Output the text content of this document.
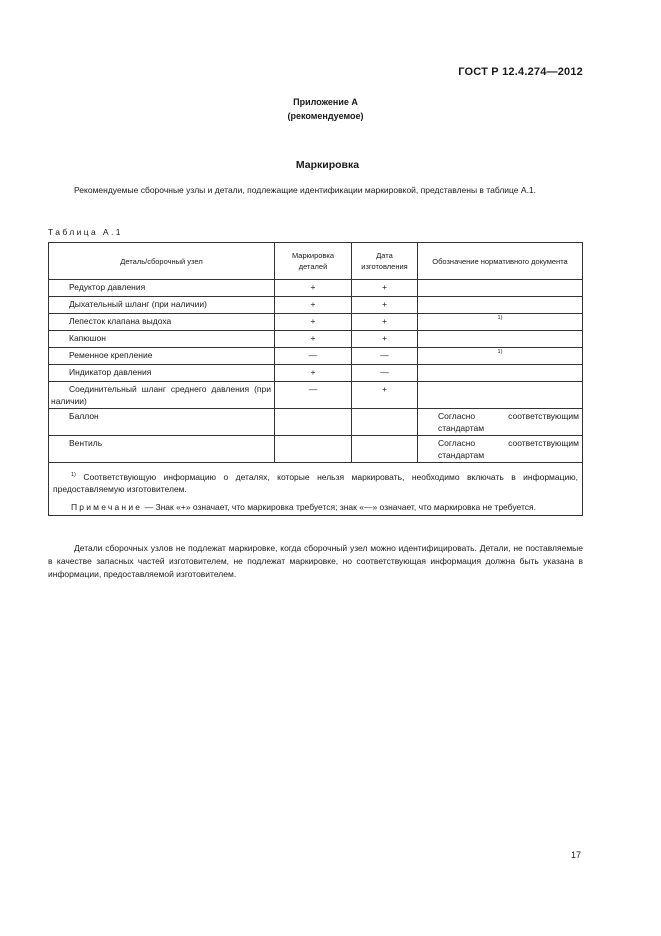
ГОСТ Р 12.4.274—2012
Приложение А
(рекомендуемое)
Маркировка
Рекомендуемые сборочные узлы и детали, подлежащие идентификации маркировкой, представлены в таблице А.1.
Таблица А.1
Деталь/сборочный узел	Маркировка деталей	Дата изготовления	Обозначение нормативного документа
Редуктор давления	+	+	
Дыхательный шланг (при наличии)	+	+	
Лепесток клапана выдоха	+	+	1)

Капюшон	+	+	
Ременное крепление	—	—	1)

Индикатор давления	+	—	
Соединительный шланг среднего давления (при наличии)	—	+	
Баллон			Согласно соответствующим стандартам
Вентиль			Согласно соответствующим стандартам

$^{1)}$ Соответствующую информацию о деталях, которые нельзя маркировать, необходимо включать в информацию, предоставляемую изготовителем.
Примечание — Знак «+» означает, что маркировка требуется; знак «—» означает, что маркировка не требуется.			
Детали сборочных узлов не подлежат маркировке, когда сборочный узел можно идентифицировать. Детали, не поставляемые в качестве запасных частей изготовителем, не подлежат маркировке, но соответствующая информация должна быть указана в информации, предоставляемой изготовителем.
17
